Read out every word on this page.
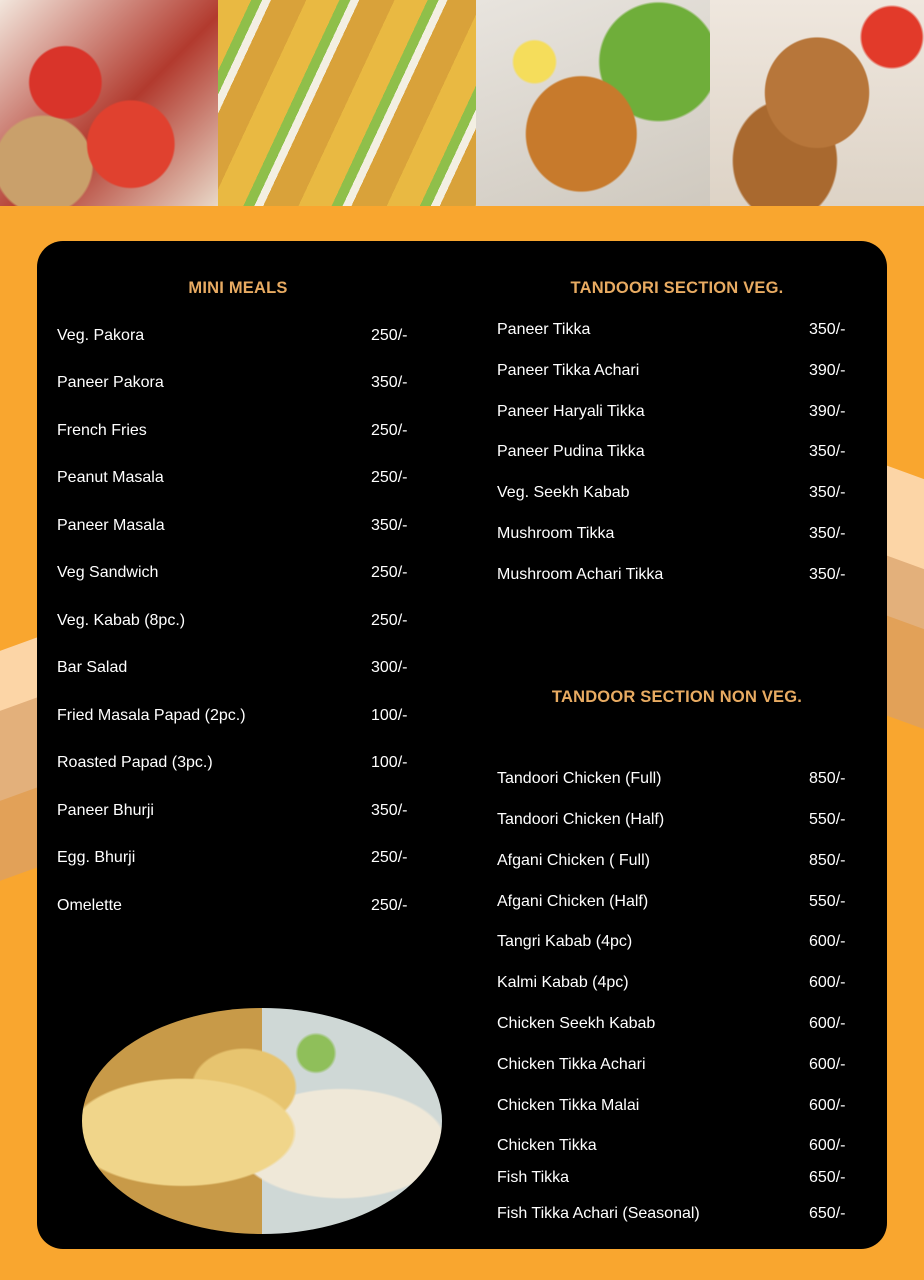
MINI MEALS
Veg. Pakora	250/-
Paneer Pakora	350/-
French Fries	250/-
Peanut Masala	250/-
Paneer Masala	350/-
Veg Sandwich	250/-
Veg. Kabab (8pc.)	250/-
Bar Salad	300/-
Fried Masala Papad (2pc.)	100/-
Roasted Papad (3pc.)	100/-
Paneer Bhurji	350/-
Egg. Bhurji	250/-
Omelette	250/-
TANDOORI SECTION VEG.
Paneer Tikka	350/-
Paneer Tikka Achari	390/-
Paneer Haryali Tikka	390/-
Paneer Pudina Tikka	350/-
Veg. Seekh Kabab	350/-
Mushroom Tikka	350/-
Mushroom Achari Tikka	350/-
TANDOOR SECTION NON VEG.
Tandoori Chicken (Full)	850/-
Tandoori Chicken (Half)	550/-
Afgani Chicken ( Full)	850/-
Afgani Chicken (Half)	550/-
Tangri Kabab (4pc)	600/-
Kalmi Kabab (4pc)	600/-
Chicken Seekh Kabab	600/-
Chicken Tikka Achari	600/-
Chicken Tikka Malai	600/-
Chicken Tikka	600/-
Fish Tikka	650/-
Fish Tikka Achari (Seasonal)	650/-
